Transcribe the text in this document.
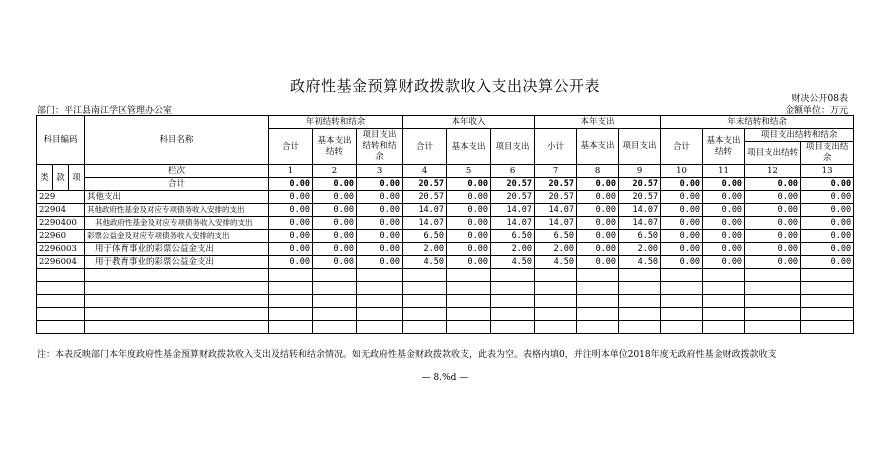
政府性基金预算财政拨款收入支出决算公开表
财决公开08表
部门：平江县南江学区管理办公室	金额单位：万元
科目编码			科目名称	年初结转和结余			本年收入			本年支出			年末结转和结余			
				合计	基本支出结转	项目支出结转和结余	合计	基本支出	项目支出	小计	基本支出	项目支出	合计	基本支出结转	项目支出结转和结余	
															项目支出结转	项目支出结余
类	款	项	栏次	1	2	3	4	5	6	7	8	9	10	11	12	13
			合计	0.00	0.00	0.00	20.57	0.00	20.57	20.57	0.00	20.57	0.00	0.00	0.00	0.00
229			其他支出	0.00	0.00	0.00	20.57	0.00	20.57	20.57	0.00	20.57	0.00	0.00	0.00	0.00
22904			其他政府性基金及对应专项债务收入安排的支出	0.00	0.00	0.00	14.07	0.00	14.07	14.07	0.00	14.07	0.00	0.00	0.00	0.00
2290400			其他政府性基金及对应专项债务收入安排的支出	0.00	0.00	0.00	14.07	0.00	14.07	14.07	0.00	14.07	0.00	0.00	0.00	0.00
22960			彩票公益金及对应专项债务收入安排的支出	0.00	0.00	0.00	6.50	0.00	6.50	6.50	0.00	6.50	0.00	0.00	0.00	0.00
2296003			用于体育事业的彩票公益金支出	0.00	0.00	0.00	2.00	0.00	2.00	2.00	0.00	2.00	0.00	0.00	0.00	0.00
2296004			用于教育事业的彩票公益金支出	0.00	0.00	0.00	4.50	0.00	4.50	4.50	0.00	4.50	0.00	0.00	0.00	0.00

注：本表反映部门本年度政府性基金预算财政拨款收入支出及结转和结余情况。如无政府性基金财政拨款收支，此表为空。表格内填0，并注明本单位2018年度无政府性基金财政拨款收支
— 8.%d —
